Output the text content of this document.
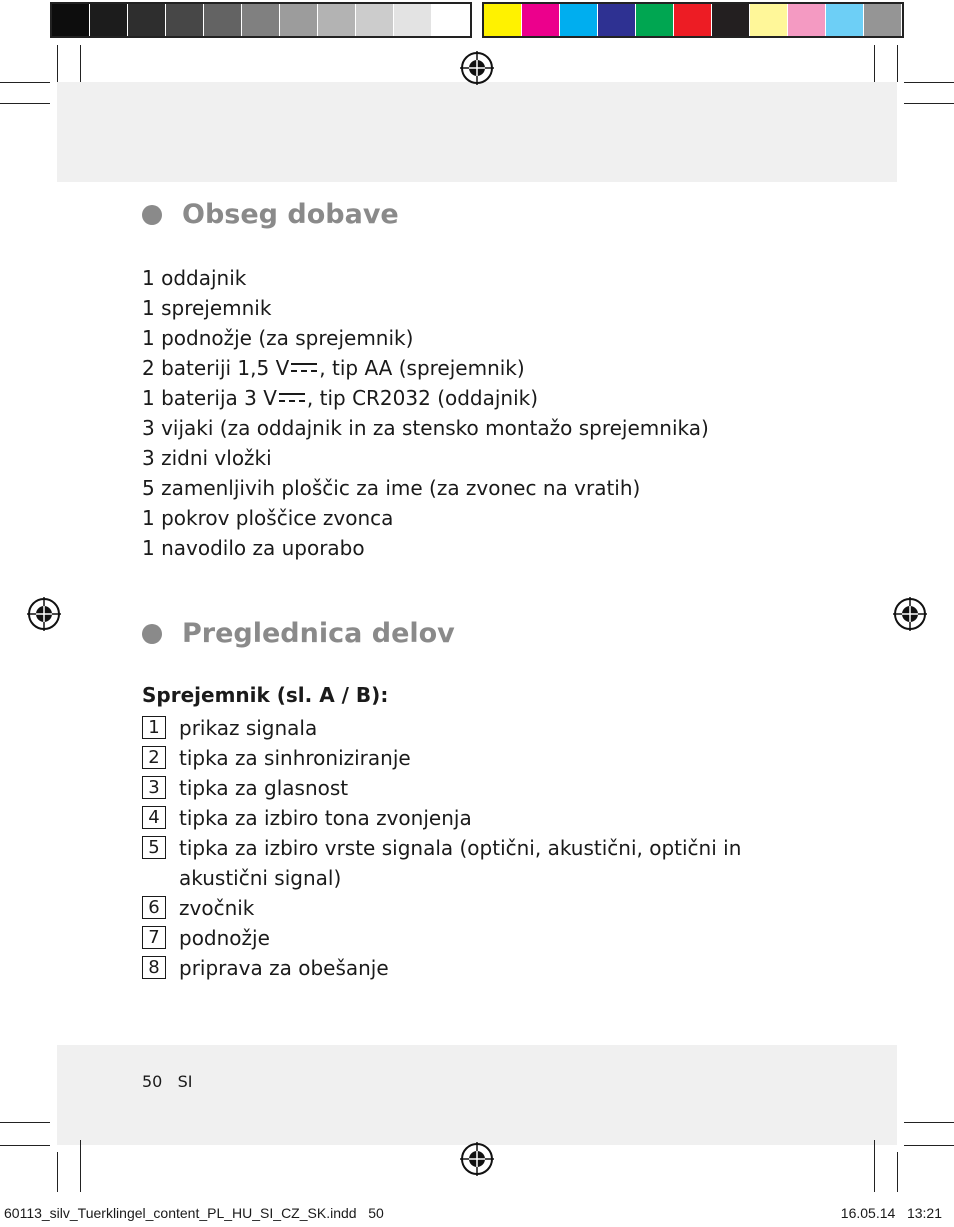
Obseg dobave
1 oddajnik
1 sprejemnik
1 podnožje (za sprejemnik)
2 bateriji 1,5 V , tip AA (sprejemnik)
1 baterija 3 V , tip CR2032 (oddajnik)
3 vijaki (za oddajnik in za stensko montažo sprejemnika)
3 zidni vložki
5 zamenljivih ploščic za ime (za zvonec na vratih)
1 pokrov ploščice zvonca
1 navodilo za uporabo
Preglednica delov
Sprejemnik (sl. A / B):
1 prikaz signala
2 tipka za sinhroniziranje
3 tipka za glasnost
4 tipka za izbiro tona zvonjenja
5 tipka za izbiro vrste signala (optični, akustični, optični in akustični signal)
6 zvočnik
7 podnožje
8 priprava za obešanje
50 SI
60113_silv_Tuerklingel_content_PL_HU_SI_CZ_SK.indd 50	16.05.14 13:21
